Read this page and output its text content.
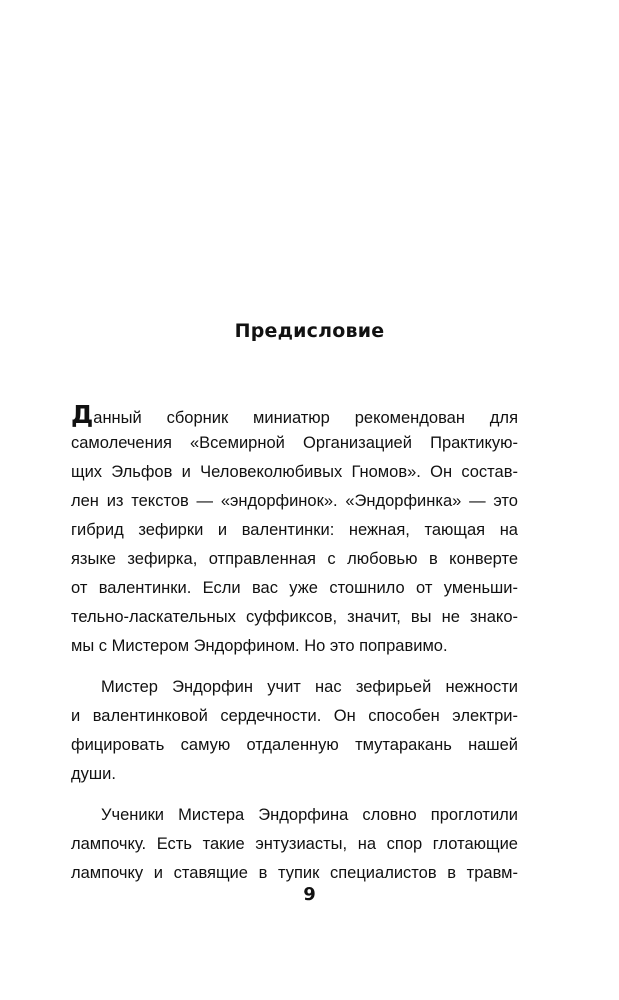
Предисловие
Данный сборник миниатюр рекомендован для
самолечения «Всемирной Организацией Практикую-
щих Эльфов и Человеколюбивых Гномов». Он состав-
лен из текстов — «эндорфинок». «Эндорфинка» — это
гибрид зефирки и валентинки: нежная, тающая на
языке зефирка, отправленная с любовью в конверте
от валентинки. Если вас уже стошнило от уменьши-
тельно-ласкательных суффиксов, значит, вы не знако-
мы с Мистером Эндорфином. Но это поправимо.
Мистер Эндорфин учит нас зефирьей нежности
и валентинковой сердечности. Он способен электри-
фицировать самую отдаленную тмутаракань нашей
души.
Ученики Мистера Эндорфина словно проглотили
лампочку. Есть такие энтузиасты, на спор глотающие
лампочку и ставящие в тупик специалистов в травм-
9
